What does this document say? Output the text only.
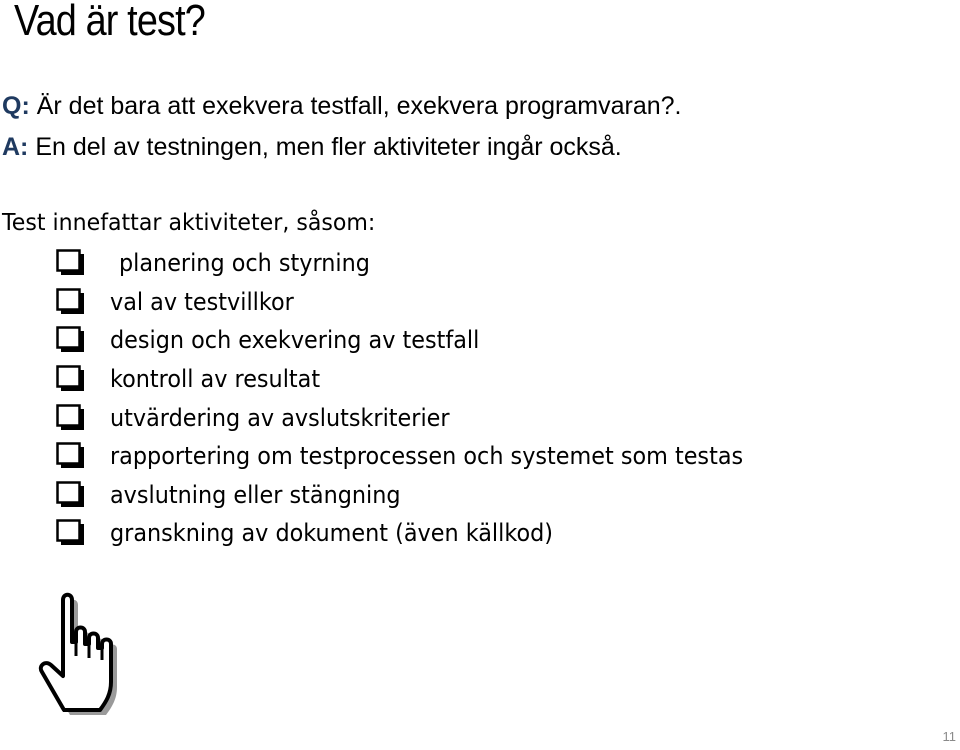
Vad är test?
Q: Är det bara att exekvera testfall, exekvera programvaran?.
A: En del av testningen, men fler aktiviteter ingår också.
Test innefattar aktiviteter, såsom:
planering och styrning
val av testvillkor
design och exekvering av testfall
kontroll av resultat
utvärdering av avslutskriterier
rapportering om testprocessen och systemet som testas
avslutning eller stängning
granskning av dokument (även källkod)
11
